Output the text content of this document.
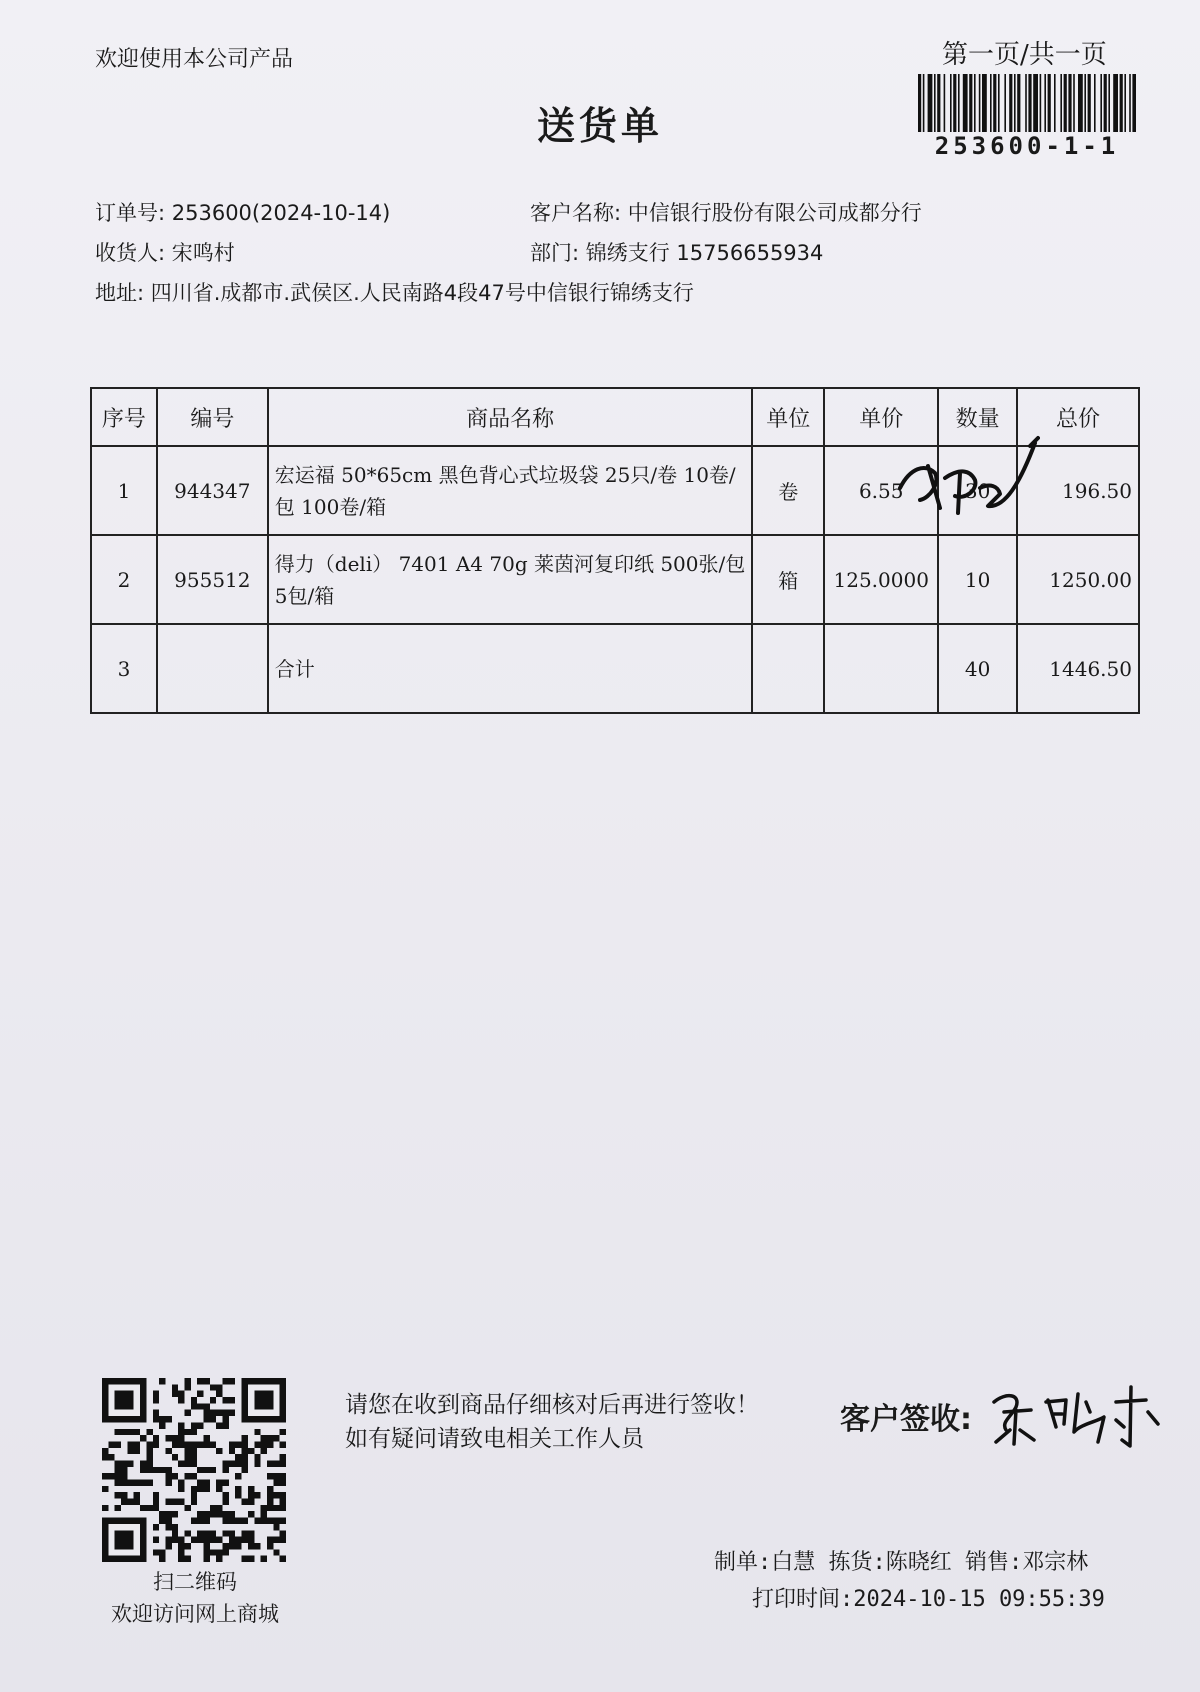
欢迎使用本公司产品	第一页/共一页
253600-1-1
送货单
订单号: 253600(2024-10-14)	客户名称: 中信银行股份有限公司成都分行
收货人: 宋鸣村	部门: 锦绣支行 15756655934
地址: 四川省.成都市.武侯区.人民南路4段47号中信银行锦绣支行
序号	编号	商品名称	单位	单价	数量	总价
1	944347	宏运福 50*65cm 黑色背心式垃圾袋 25只/卷 10卷/包 100卷/箱	卷	6.55	30	196.50
2	955512	得力（deli） 7401 A4 70g 莱茵河复印纸 500张/包 5包/箱	箱	125.0000	10	1250.00
3		合计			40	1446.50
扫二维码
欢迎访问网上商城
请您在收到商品仔细核对后再进行签收！如有疑问请致电相关工作人员
客户签收:
制单:白慧 拣货:陈晓红 销售:邓宗林
打印时间:2024-10-15 09:55:39
